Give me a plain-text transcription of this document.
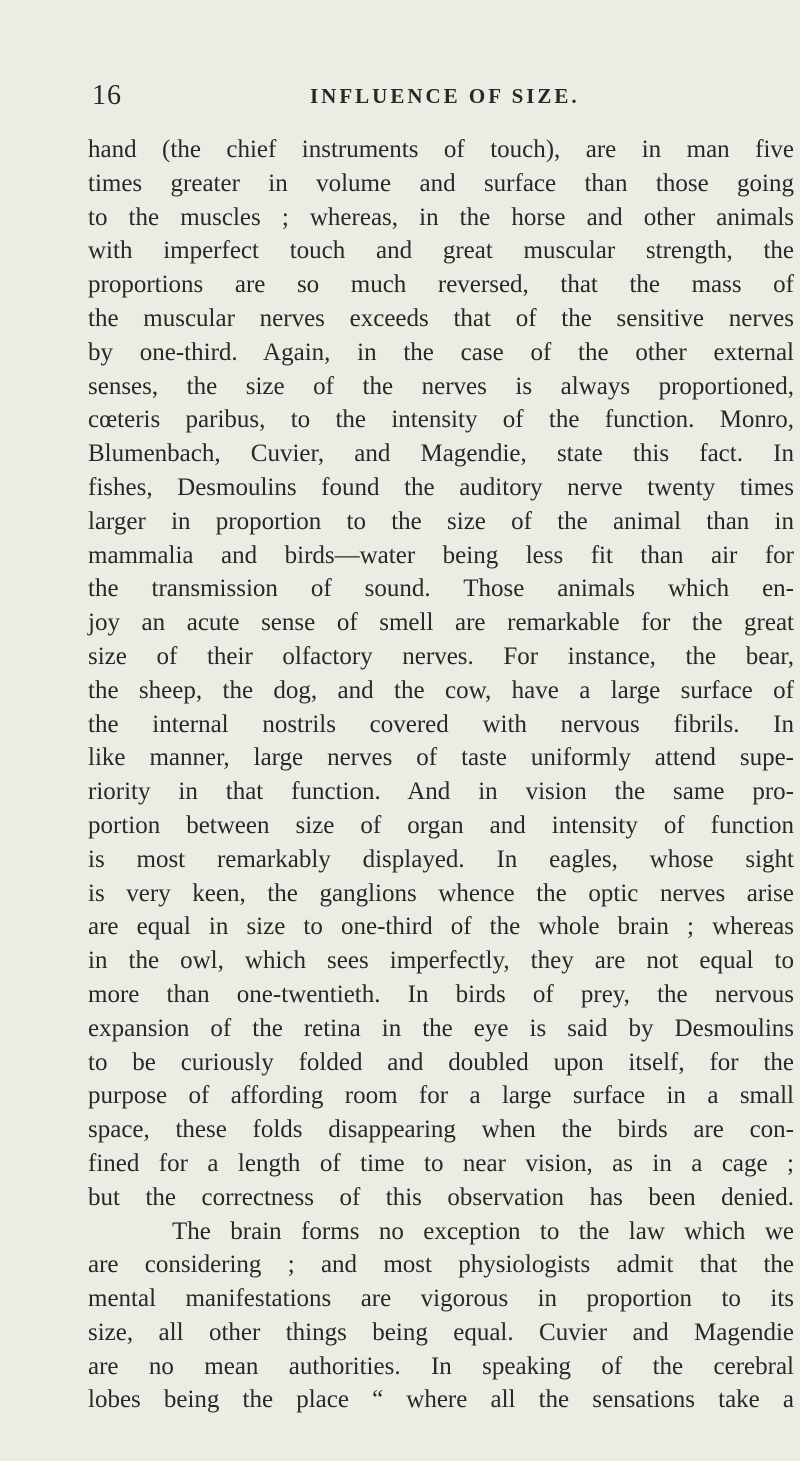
16	INFLUENCE OF SIZE.
hand (the chief instruments of touch), are in man five
times greater in volume and surface than those going
to the muscles ; whereas, in the horse and other animals
with imperfect touch and great muscular strength, the
proportions are so much reversed, that the mass of
the muscular nerves exceeds that of the sensitive nerves
by one-third. Again, in the case of the other external
senses, the size of the nerves is always proportioned,
cœteris paribus, to the intensity of the function. Monro,
Blumenbach, Cuvier, and Magendie, state this fact. In
fishes, Desmoulins found the auditory nerve twenty times
larger in proportion to the size of the animal than in
mammalia and birds—water being less fit than air for
the transmission of sound. Those animals which en-
joy an acute sense of smell are remarkable for the great
size of their olfactory nerves. For instance, the bear,
the sheep, the dog, and the cow, have a large surface of
the internal nostrils covered with nervous fibrils. In
like manner, large nerves of taste uniformly attend supe-
riority in that function. And in vision the same pro-
portion between size of organ and intensity of function
is most remarkably displayed. In eagles, whose sight
is very keen, the ganglions whence the optic nerves arise
are equal in size to one-third of the whole brain ; whereas
in the owl, which sees imperfectly, they are not equal to
more than one-twentieth. In birds of prey, the nervous
expansion of the retina in the eye is said by Desmoulins
to be curiously folded and doubled upon itself, for the
purpose of affording room for a large surface in a small
space, these folds disappearing when the birds are con-
fined for a length of time to near vision, as in a cage ;
but the correctness of this observation has been denied.
The brain forms no exception to the law which we
are considering ; and most physiologists admit that the
mental manifestations are vigorous in proportion to its
size, all other things being equal. Cuvier and Magendie
are no mean authorities. In speaking of the cerebral
lobes being the place “ where all the sensations take a
